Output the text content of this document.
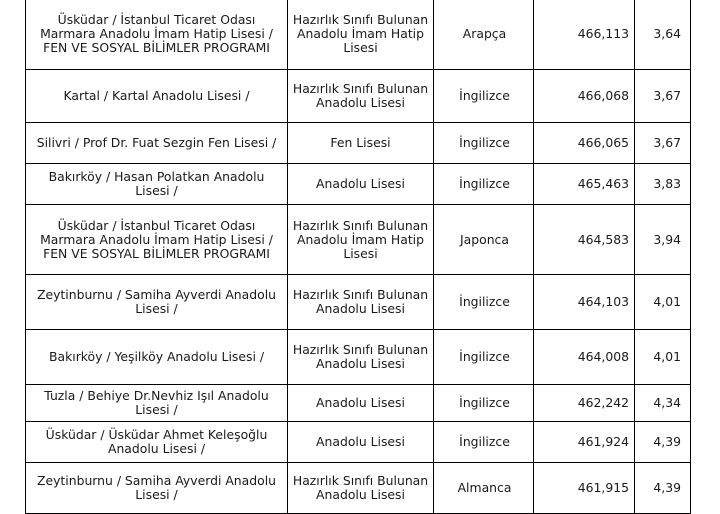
Üsküdar / İstanbul Ticaret Odası Marmara Anadolu İmam Hatip Lisesi / FEN VE SOSYAL BİLİMLER PROGRAMI	Hazırlık Sınıfı Bulunan Anadolu İmam Hatip Lisesi	Arapça	466,113	3,64
Kartal / Kartal Anadolu Lisesi /	Hazırlık Sınıfı Bulunan Anadolu Lisesi	İngilizce	466,068	3,67
Silivri / Prof Dr. Fuat Sezgin Fen Lisesi /	Fen Lisesi	İngilizce	466,065	3,67
Bakırköy / Hasan Polatkan Anadolu Lisesi /	Anadolu Lisesi	İngilizce	465,463	3,83
Üsküdar / İstanbul Ticaret Odası Marmara Anadolu İmam Hatip Lisesi / FEN VE SOSYAL BİLİMLER PROGRAMI	Hazırlık Sınıfı Bulunan Anadolu İmam Hatip Lisesi	Japonca	464,583	3,94
Zeytinburnu / Samiha Ayverdi Anadolu Lisesi /	Hazırlık Sınıfı Bulunan Anadolu Lisesi	İngilizce	464,103	4,01
Bakırköy / Yeşilköy Anadolu Lisesi /	Hazırlık Sınıfı Bulunan Anadolu Lisesi	İngilizce	464,008	4,01
Tuzla / Behiye Dr.Nevhiz Işıl Anadolu Lisesi /	Anadolu Lisesi	İngilizce	462,242	4,34
Üsküdar / Üsküdar Ahmet Keleşoğlu Anadolu Lisesi /	Anadolu Lisesi	İngilizce	461,924	4,39
Zeytinburnu / Samiha Ayverdi Anadolu Lisesi /	Hazırlık Sınıfı Bulunan Anadolu Lisesi	Almanca	461,915	4,39
